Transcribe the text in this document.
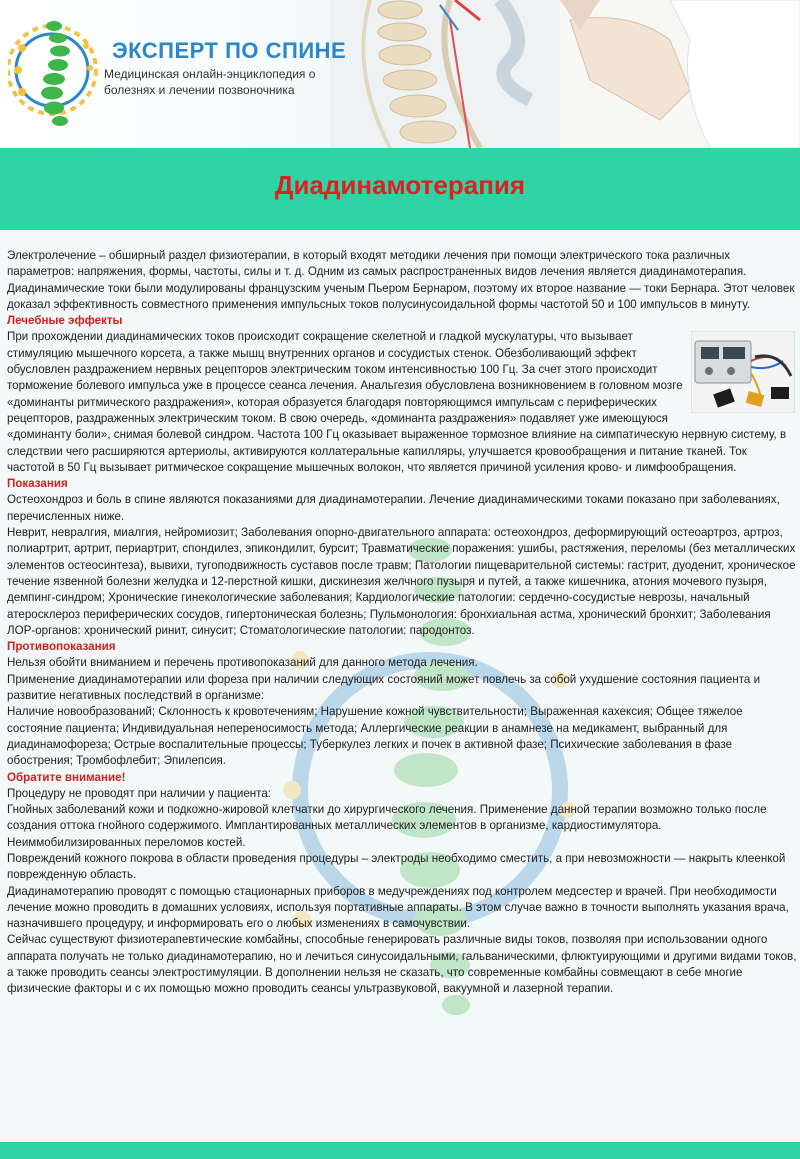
ЭКСПЕРТ ПО СПИНЕ
Медицинская онлайн-энциклопедия о болезнях и лечении позвоночника
Диадинамотерапия

Электролечение – обширный раздел физиотерапии, в который входят методики лечения при помощи электрического тока различных параметров: напряжения, формы, частоты, силы и т. д. Одним из самых распространенных видов лечения является диадинамотерапия. Диадинамические токи были модулированы французским ученым Пьером Бернаром, поэтому их второе название — токи Бернара. Этот человек доказал эффективность совместного применения импульсных токов полусинусоидальной формы частотой 50 и 100 импульсов в минуту.

Лечебные эффекты

При прохождении диадинамических токов происходит сокращение скелетной и гладкой мускулатуры, что вызывает стимуляцию мышечного корсета, а также мышц внутренних органов и сосудистых стенок. Обезболивающий эффект обусловлен раздражением нервных рецепторов электрическим током интенсивностью 100 Гц. За счет этого происходит торможение болевого импульса уже в процессе сеанса лечения. Анальгезия обусловлена возникновением в головном мозге «доминанты ритмического раздражения», которая образуется благодаря повторяющимся импульсам с периферических рецепторов, раздраженных электрическим током. В свою очередь, «доминанта раздражения» подавляет уже имеющуюся «доминанту боли», снимая болевой синдром. Частота 100 Гц оказывает выраженное тормозное влияние на симпатическую нервную систему, в следствии чего расширяются артериолы, активируются коллатеральные капилляры, улучшается кровообращения и питание тканей. Ток частотой в 50 Гц вызывает ритмическое сокращение мышечных волокон, что является причиной усиления крово- и лимфообращения.

Показания

Остеохондроз и боль в спине являются показаниями для диадинамотерапии. Лечение диадинамическими токами показано при заболеваниях, перечисленных ниже.

Неврит, невралгия, миалгия, нейромиозит; Заболевания опорно-двигательного аппарата: остеохондроз, деформирующий остеоартроз, артроз, полиартрит, артрит, периартрит, спондилез, эпикондилит, бурсит; Травматические поражения: ушибы, растяжения, переломы (без металлических элементов остеосинтеза), вывихи, тугоподвижность суставов после травм; Патологии пищеварительной системы: гастрит, дуоденит, хроническое течение язвенной болезни желудка и 12-перстной кишки, дискинезия желчного пузыря и путей, а также кишечника, атония мочевого пузыря, демпинг-синдром; Хронические гинекологические заболевания; Кардиологические патологии: сердечно-сосудистые неврозы, начальный атеросклероз периферических сосудов, гипертоническая болезнь; Пульмонология: бронхиальная астма, хронический бронхит; Заболевания ЛОР-органов: хронический ринит, синусит; Стоматологические патологии: пародонтоз.

Противопоказания

Нельзя обойти вниманием и перечень противопоказаний для данного метода лечения.

Применение диадинамотерапии или фореза при наличии следующих состояний может повлечь за собой ухудшение состояния пациента и развитие негативных последствий в организме:

Наличие новообразований; Склонность к кровотечениям; Нарушение кожной чувствительности; Выраженная кахексия; Общее тяжелое состояние пациента; Индивидуальная непереносимость метода; Аллергические реакции в анамнезе на медикамент, выбранный для диадинамофореза; Острые воспалительные процессы; Туберкулез легких и почек в активной фазе; Психические заболевания в фазе обострения; Тромбофлебит; Эпилепсия.

Обратите внимание!

Процедуру не проводят при наличии у пациента:

Гнойных заболеваний кожи и подкожно-жировой клетчатки до хирургического лечения. Применение данной терапии возможно только после создания оттока гнойного содержимого. Имплантированных металлических элементов в организме, кардиостимулятора. Неиммобилизированных переломов костей.

Повреждений кожного покрова в области проведения процедуры – электроды необходимо сместить, а при невозможности — накрыть клеенкой поврежденную область.

Диадинамотерапию проводят с помощью стационарных приборов в медучреждениях под контролем медсестер и врачей. При необходимости лечение можно проводить в домашних условиях, используя портативные аппараты. В этом случае важно в точности выполнять указания врача, назначившего процедуру, и информировать его о любых изменениях в самочувствии.

Сейчас существуют физиотерапевтические комбайны, способные генерировать различные виды токов, позволяя при использовании одного аппарата получать не только диадинамотерапию, но и лечиться синусоидальными, гальваническими, флюктуирующими и другими видами токов, а также проводить сеансы электростимуляции. В дополнении нельзя не сказать, что современные комбайны совмещают в себе многие физические факторы и с их помощью можно проводить сеансы ультразвуковой, вакуумной и лазерной терапии.
